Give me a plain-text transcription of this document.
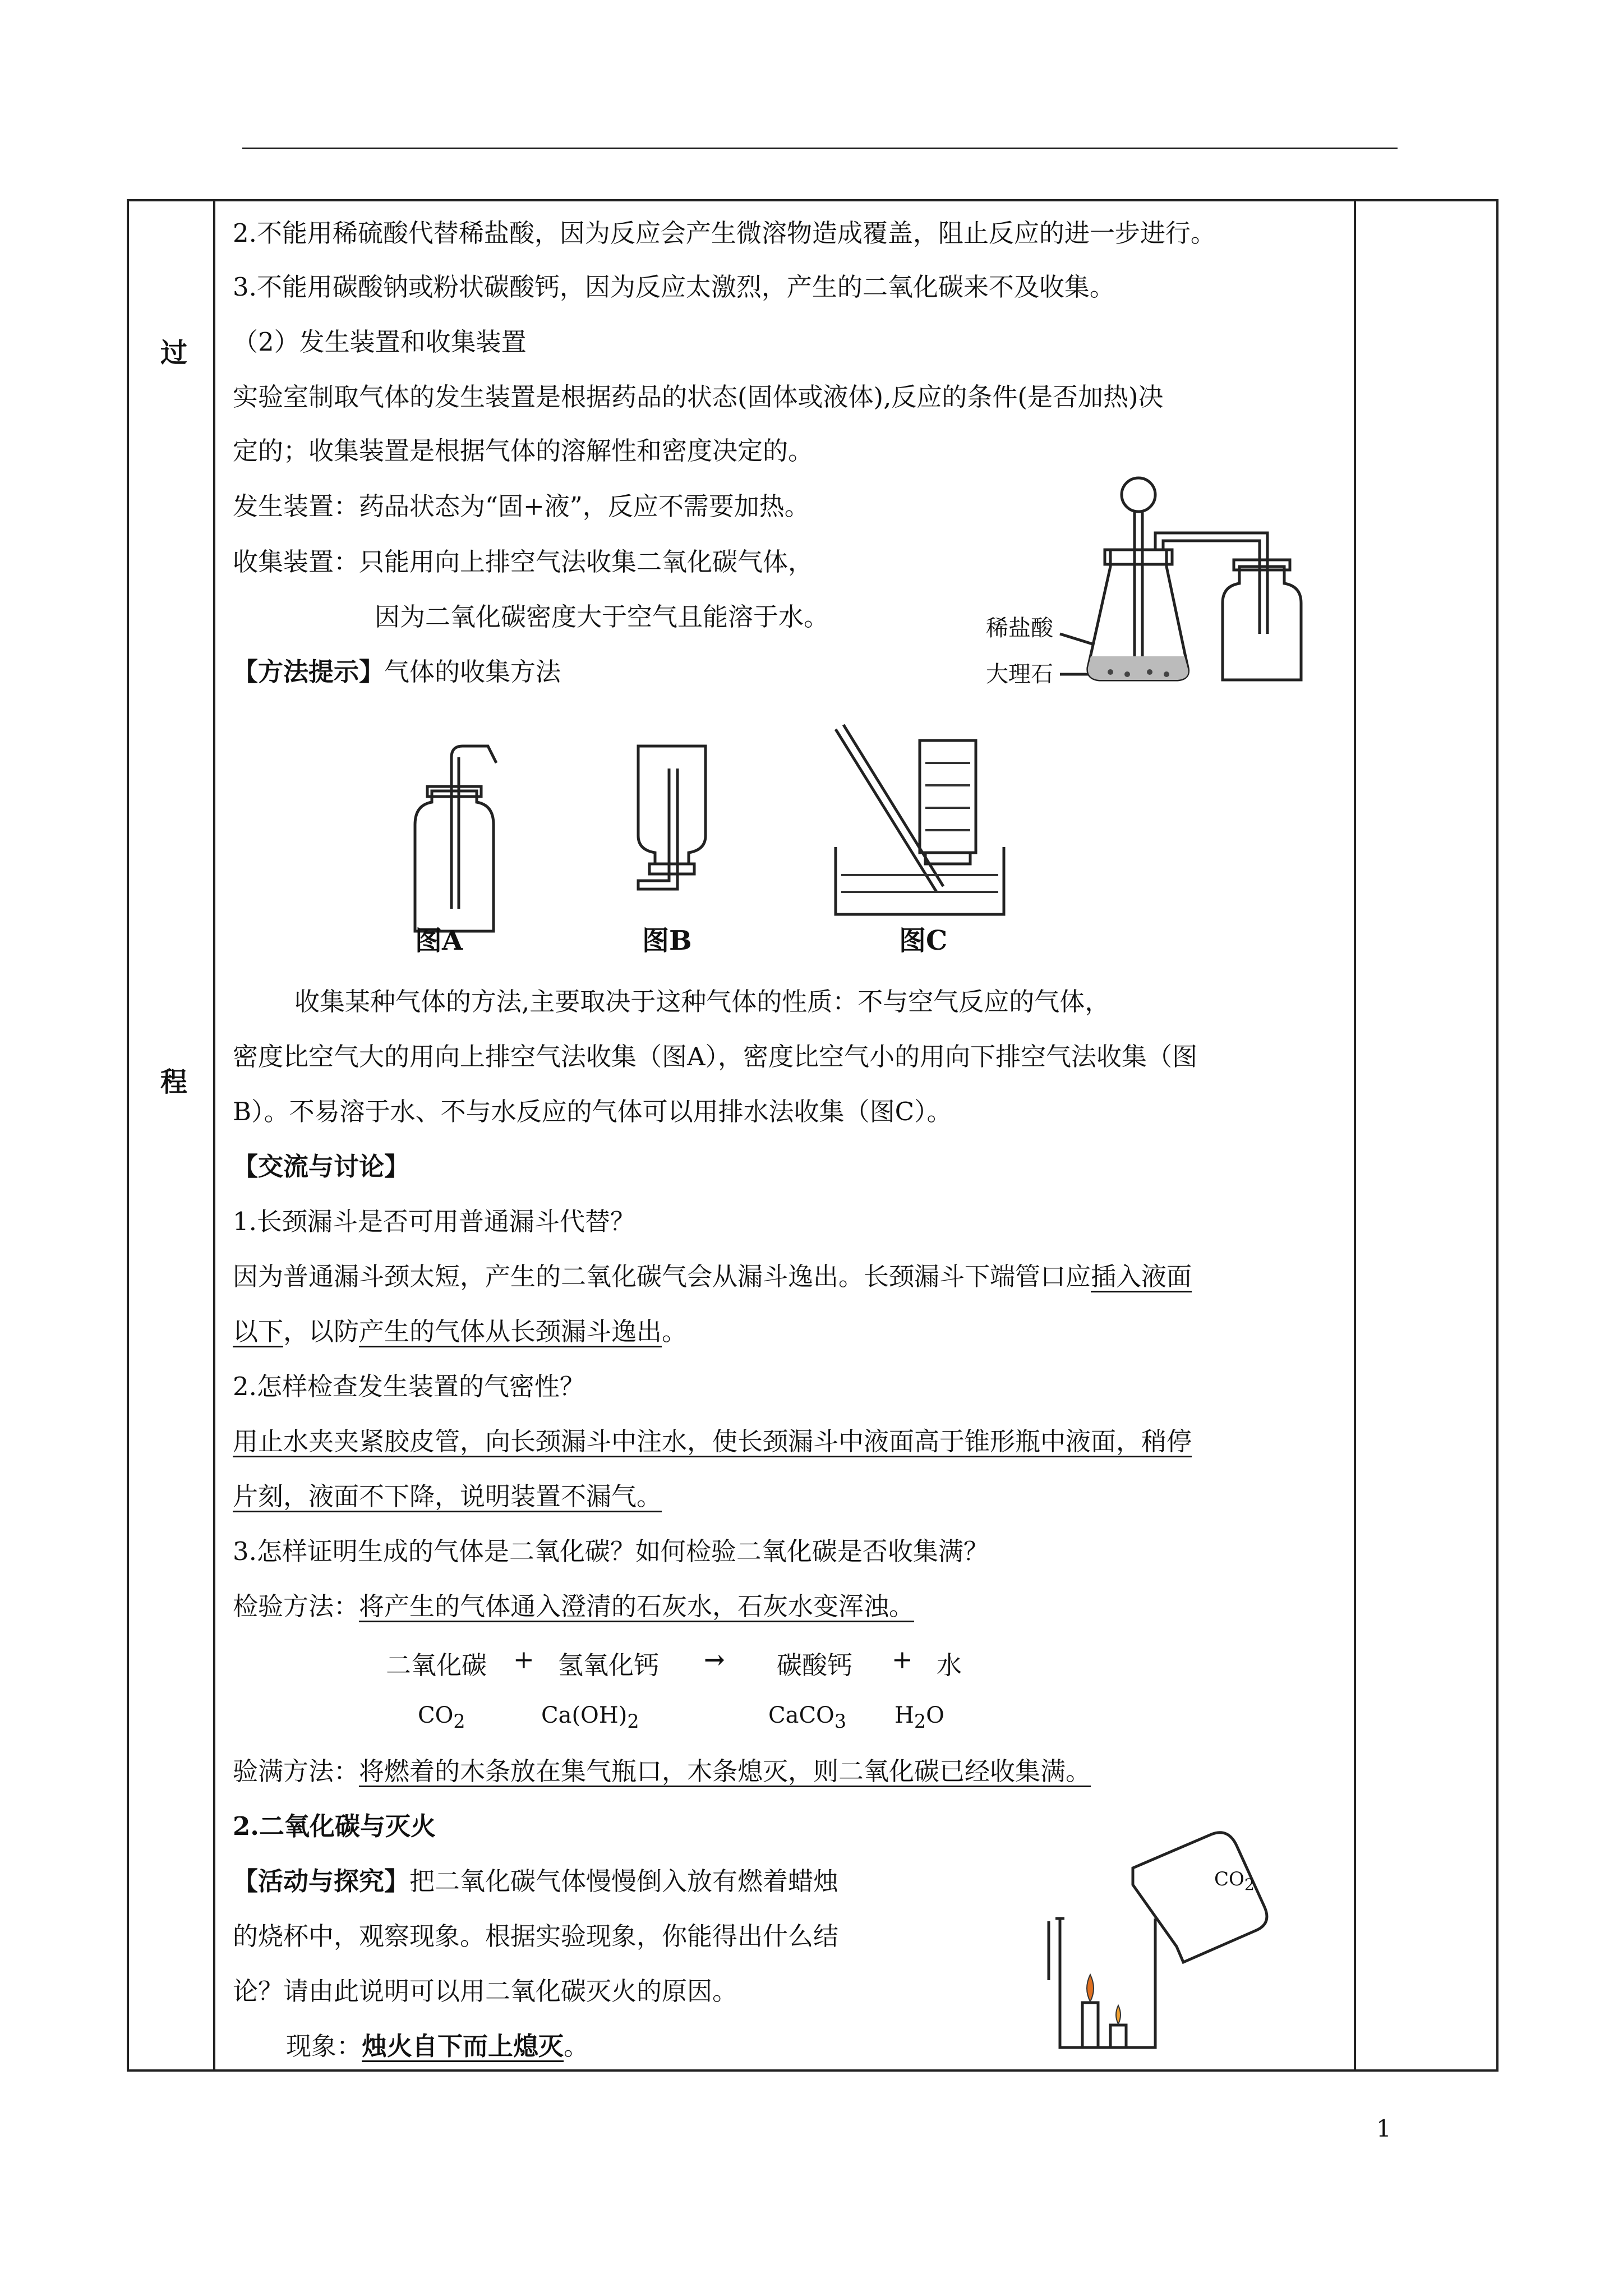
过
程
2.不能用稀硫酸代替稀盐酸，因为反应会产生微溶物造成覆盖，阻止反应的进一步进行。
3.不能用碳酸钠或粉状碳酸钙，因为反应太激烈，产生的二氧化碳来不及收集。
（2）发生装置和收集装置
实验室制取气体的发生装置是根据药品的状态(固体或液体),反应的条件(是否加热)决
定的；收集装置是根据气体的溶解性和密度决定的。
发生装置：药品状态为“固+液”，反应不需要加热。
收集装置：只能用向上排空气法收集二氧化碳气体，
因为二氧化碳密度大于空气且能溶于水。
【方法提示】气体的收集方法
稀盐酸
大理石
图A	图B	图C
收集某种气体的方法,主要取决于这种气体的性质：不与空气反应的气体，
密度比空气大的用向上排空气法收集（图A），密度比空气小的用向下排空气法收集（图
B）。不易溶于水、不与水反应的气体可以用排水法收集（图C）。
【交流与讨论】
1.长颈漏斗是否可用普通漏斗代替？
因为普通漏斗颈太短，产生的二氧化碳气会从漏斗逸出。长颈漏斗下端管口应插入液面
以下，以防产生的气体从长颈漏斗逸出。
2.怎样检查发生装置的气密性？
用止水夹夹紧胶皮管，向长颈漏斗中注水，使长颈漏斗中液面高于锥形瓶中液面，稍停
片刻，液面不下降，说明装置不漏气。
3.怎样证明生成的气体是二氧化碳？如何检验二氧化碳是否收集满？
检验方法：将产生的气体通入澄清的石灰水，石灰水变浑浊。
二氧化碳 + 氢氧化钙 → 碳酸钙 + 水
$CO_2$	$Ca(OH)_2$	CaCO$_3$ $H_2O$
验满方法：将燃着的木条放在集气瓶口，木条熄灭，则二氧化碳已经收集满。
2.二氧化碳与灭火
【活动与探究】把二氧化碳气体慢慢倒入放有燃着蜡烛
的烧杯中，观察现象。根据实验现象，你能得出什么结
论？请由此说明可以用二氧化碳灭火的原因。
现象：烛火自下而上熄灭。
$CO_2$
1
